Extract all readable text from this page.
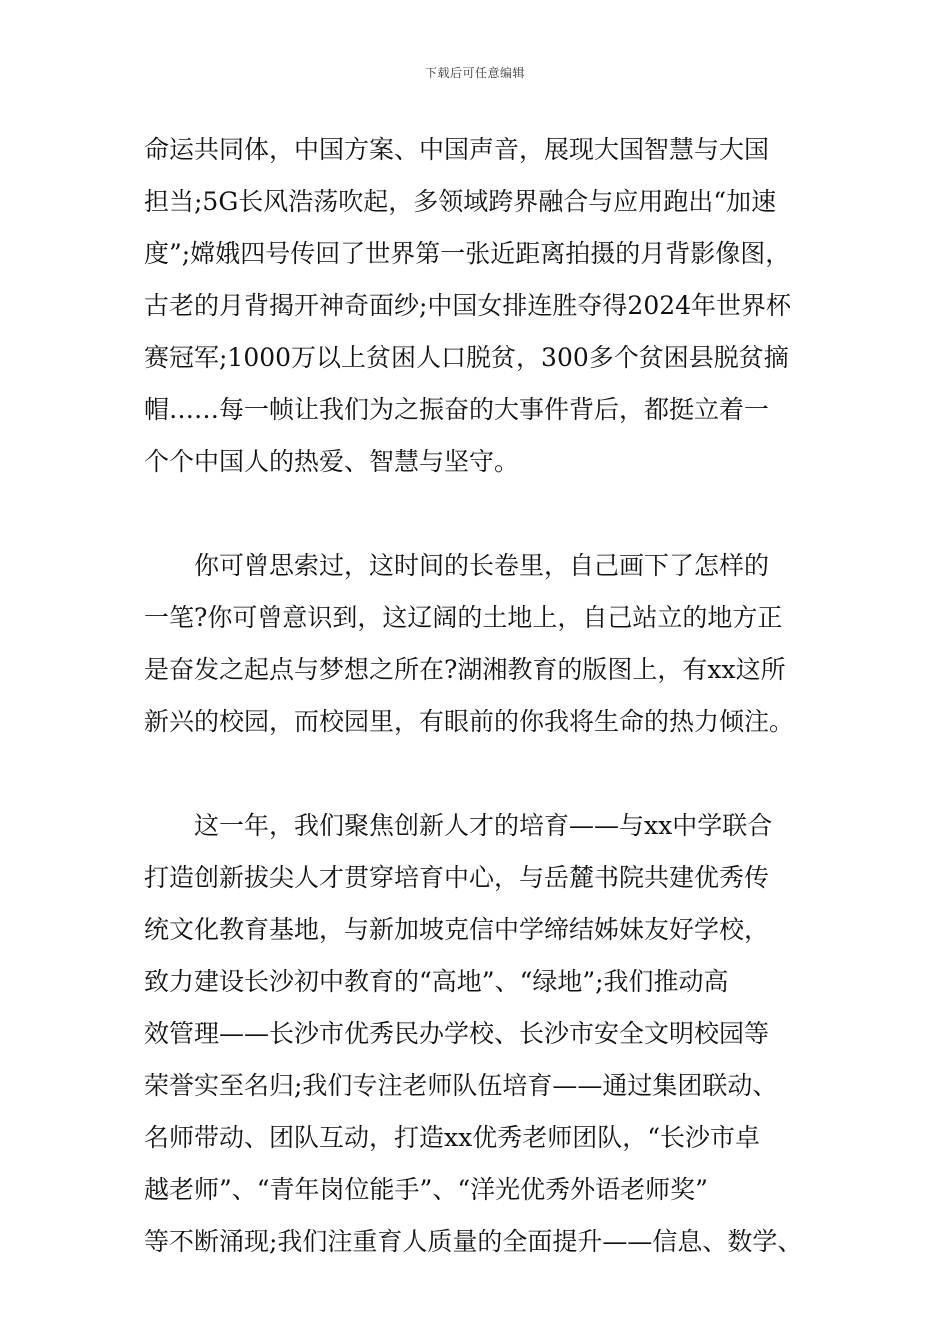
下载后可任意编辑
命运共同体，中国方案、中国声音，展现大国智慧与大国
担当;5G长风浩荡吹起，多领域跨界融合与应用跑出“加速
度”;嫦娥四号传回了世界第一张近距离拍摄的月背影像图，
古老的月背揭开神奇面纱;中国女排连胜夺得2024年世界杯
赛冠军;1000万以上贫困人口脱贫，300多个贫困县脱贫摘
帽……每一帧让我们为之振奋的大事件背后，都挺立着一
个个中国人的热爱、智慧与坚守。
　　你可曾思索过，这时间的长卷里，自己画下了怎样的
一笔?你可曾意识到，这辽阔的土地上，自己站立的地方正
是奋发之起点与梦想之所在?湖湘教育的版图上，有xx这所
新兴的校园，而校园里，有眼前的你我将生命的热力倾注。
　　这一年，我们聚焦创新人才的培育——与xx中学联合
打造创新拔尖人才贯穿培育中心，与岳麓书院共建优秀传
统文化教育基地，与新加坡克信中学缔结姊妹友好学校，
致力建设长沙初中教育的“高地”、“绿地”;我们推动高
效管理——长沙市优秀民办学校、长沙市安全文明校园等
荣誉实至名归;我们专注老师队伍培育——通过集团联动、
名师带动、团队互动，打造xx优秀老师团队，“长沙市卓
越老师”、“青年岗位能手”、“洋光优秀外语老师奖”
等不断涌现;我们注重育人质量的全面提升——信息、数学、
